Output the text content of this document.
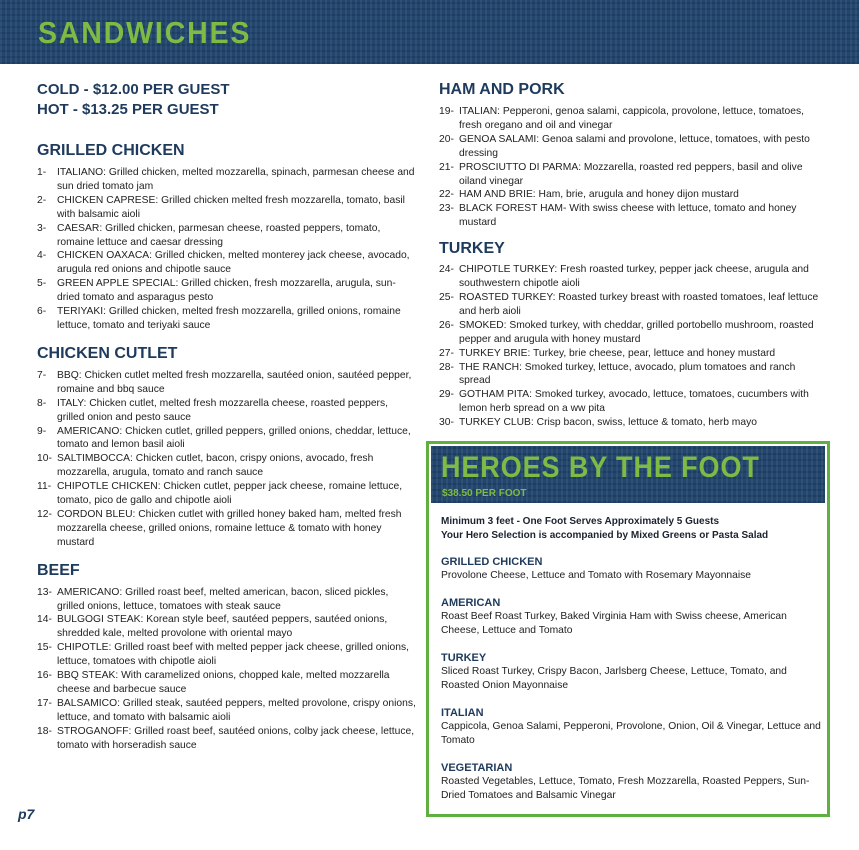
SANDWICHES
COLD - $12.00 PER GUEST
HOT - $13.25 PER GUEST
GRILLED CHICKEN
1- ITALIANO: Grilled chicken, melted mozzarella, spinach, parmesan cheese and sun dried tomato jam
2- CHICKEN CAPRESE: Grilled chicken melted fresh mozzarella, tomato, basil with balsamic aioli
3- CAESAR: Grilled chicken, parmesan cheese, roasted peppers, tomato, romaine lettuce and caesar dressing
4- CHICKEN OAXACA: Grilled chicken, melted monterey jack cheese, avocado, arugula red onions and chipotle sauce
5- GREEN APPLE SPECIAL: Grilled chicken, fresh mozzarella, arugula, sun-dried tomato and asparagus pesto
6- TERIYAKI: Grilled chicken, melted fresh mozzarella, grilled onions, romaine lettuce, tomato and teriyaki sauce
CHICKEN CUTLET
7- BBQ: Chicken cutlet melted fresh mozzarella, sautéed onion, sautéed pepper, romaine and bbq sauce
8- ITALY: Chicken cutlet, melted fresh mozzarella cheese, roasted peppers, grilled onion and pesto sauce
9- AMERICANO: Chicken cutlet, grilled peppers, grilled onions, cheddar, lettuce, tomato and lemon basil aioli
10- SALTIMBOCCA: Chicken cutlet, bacon, crispy onions, avocado, fresh mozzarella, arugula, tomato and ranch sauce
11- CHIPOTLE CHICKEN: Chicken cutlet, pepper jack cheese, romaine lettuce, tomato, pico de gallo and chipotle aioli
12- CORDON BLEU: Chicken cutlet with grilled honey baked ham, melted fresh mozzarella cheese, grilled onions, romaine lettuce & tomato with honey mustard
BEEF
13- AMERICANO: Grilled roast beef, melted american, bacon, sliced pickles, grilled onions, lettuce, tomatoes with steak sauce
14- BULGOGI STEAK: Korean style beef, sautéed peppers, sautéed onions, shredded kale, melted provolone with oriental mayo
15- CHIPOTLE: Grilled roast beef with melted pepper jack cheese, grilled onions, lettuce, tomatoes with chipotle aioli
16- BBQ STEAK: With caramelized onions, chopped kale, melted mozzarella cheese and barbecue sauce
17- BALSAMICO: Grilled steak, sautéed peppers, melted provolone, crispy onions, lettuce, and tomato with balsamic aioli
18- STROGANOFF: Grilled roast beef, sautéed onions, colby jack cheese, lettuce, tomato with horseradish sauce
HAM AND PORK
19- ITALIAN: Pepperoni, genoa salami, cappicola, provolone, lettuce, tomatoes, fresh oregano and oil and vinegar
20- GENOA SALAMI: Genoa salami and provolone, lettuce, tomatoes, with pesto dressing
21- PROSCIUTTO DI PARMA: Mozzarella, roasted red peppers, basil and olive oiland vinegar
22- HAM AND BRIE: Ham, brie, arugula and honey dijon mustard
23- BLACK FOREST HAM- With swiss cheese with lettuce, tomato and honey mustard
TURKEY
24- CHIPOTLE TURKEY: Fresh roasted turkey, pepper jack cheese, arugula and southwestern chipotle aioli
25- ROASTED TURKEY: Roasted turkey breast with roasted tomatoes, leaf lettuce and herb aioli
26- SMOKED: Smoked turkey, with cheddar, grilled portobello mushroom, roasted pepper and arugula with honey mustard
27- TURKEY BRIE: Turkey, brie cheese, pear, lettuce and honey mustard
28- THE RANCH: Smoked turkey, lettuce, avocado, plum tomatoes and ranch spread
29- GOTHAM PITA: Smoked turkey, avocado, lettuce, tomatoes, cucumbers with lemon herb spread on a ww pita
30- TURKEY CLUB: Crisp bacon, swiss, lettuce & tomato, herb mayo
HEROES BY THE FOOT
$38.50 PER FOOT
Minimum 3 feet - One Foot Serves Approximately 5 Guests
Your Hero Selection is accompanied by Mixed Greens or Pasta Salad
GRILLED CHICKEN
Provolone Cheese, Lettuce and Tomato with Rosemary Mayonnaise
AMERICAN
Roast Beef Roast Turkey, Baked Virginia Ham with Swiss cheese, American Cheese, Lettuce and Tomato
TURKEY
Sliced Roast Turkey, Crispy Bacon, Jarlsberg Cheese, Lettuce, Tomato, and Roasted Onion Mayonnaise
ITALIAN
Cappicola, Genoa Salami, Pepperoni, Provolone, Onion, Oil & Vinegar, Lettuce and Tomato
VEGETARIAN
Roasted Vegetables, Lettuce, Tomato, Fresh Mozzarella, Roasted Peppers, Sun-Dried Tomatoes and Balsamic Vinegar
p7
